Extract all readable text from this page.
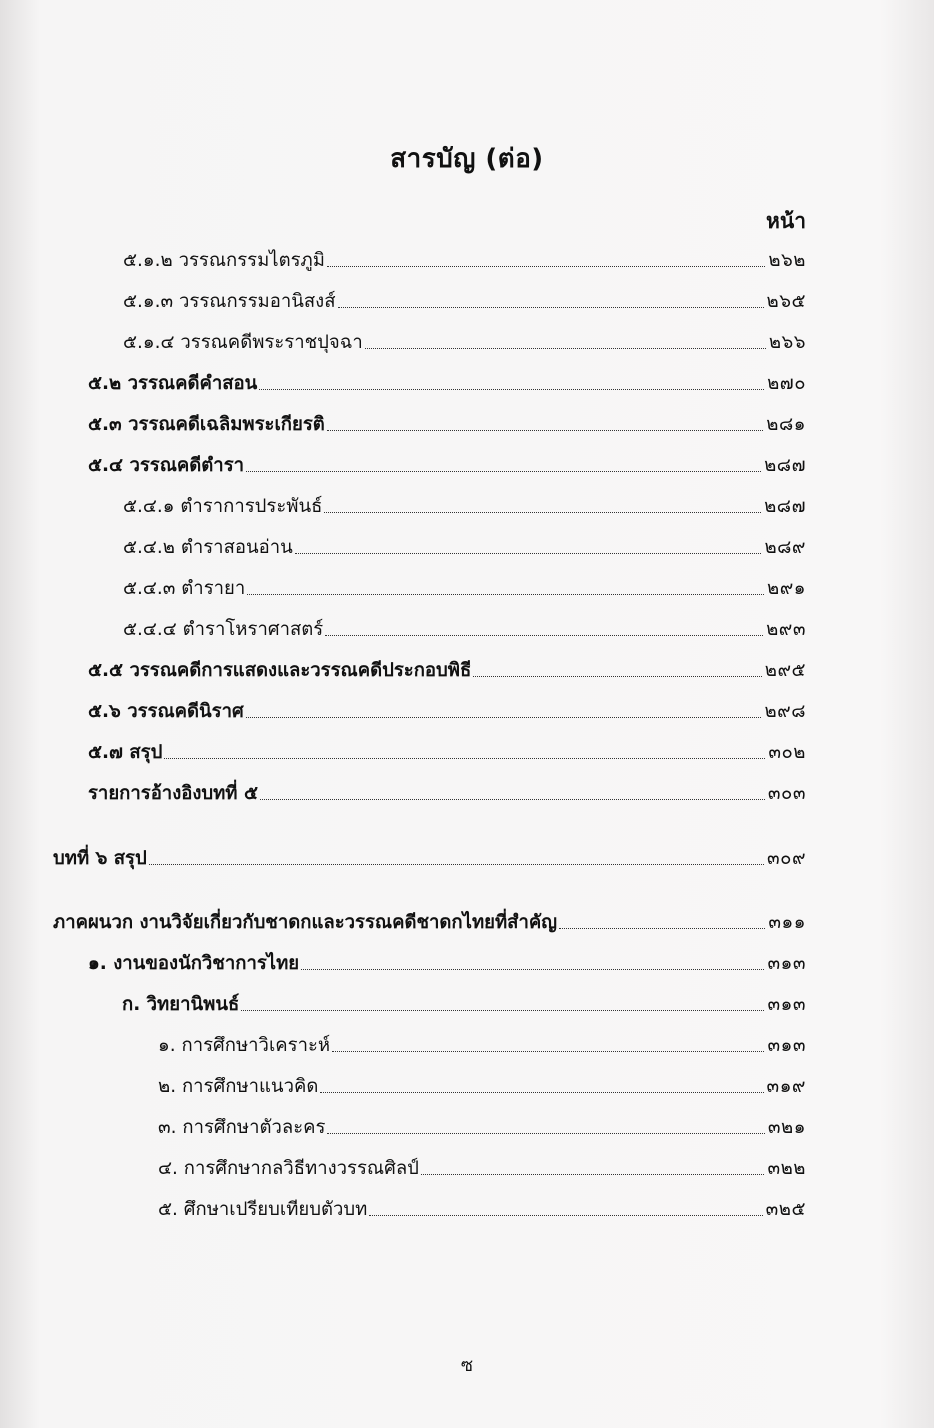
สารบัญ (ต่อ)
หน้า
๕.๑.๒ วรรณกรรมไตรภูมิ	๒๖๒
๕.๑.๓ วรรณกรรมอานิสงส์	๒๖๕
๕.๑.๔ วรรณคดีพระราชปุจฉา	๒๖๖
๕.๒ วรรณคดีคำสอน	๒๗๐
๕.๓ วรรณคดีเฉลิมพระเกียรติ	๒๘๑
๕.๔ วรรณคดีตำรา	๒๘๗
๕.๔.๑ ตำราการประพันธ์	๒๘๗
๕.๔.๒ ตำราสอนอ่าน	๒๘๙
๕.๔.๓ ตำรายา	๒๙๑
๕.๔.๔ ตำราโหราศาสตร์	๒๙๓
๕.๕ วรรณคดีการแสดงและวรรณคดีประกอบพิธี	๒๙๕
๕.๖ วรรณคดีนิราศ	๒๙๘
๕.๗ สรุป	๓๐๒
รายการอ้างอิงบทที่ ๕	๓๐๓
บทที่ ๖ สรุป	๓๐๙
ภาคผนวก งานวิจัยเกี่ยวกับชาดกและวรรณคดีชาดกไทยที่สำคัญ	๓๑๑
๑. งานของนักวิชาการไทย	๓๑๓
ก. วิทยานิพนธ์	๓๑๓
๑. การศึกษาวิเคราะห์	๓๑๓
๒. การศึกษาแนวคิด	๓๑๙
๓. การศึกษาตัวละคร	๓๒๑
๔. การศึกษากลวิธีทางวรรณศิลป์	๓๒๒
๕. ศึกษาเปรียบเทียบตัวบท	๓๒๕
ซ
